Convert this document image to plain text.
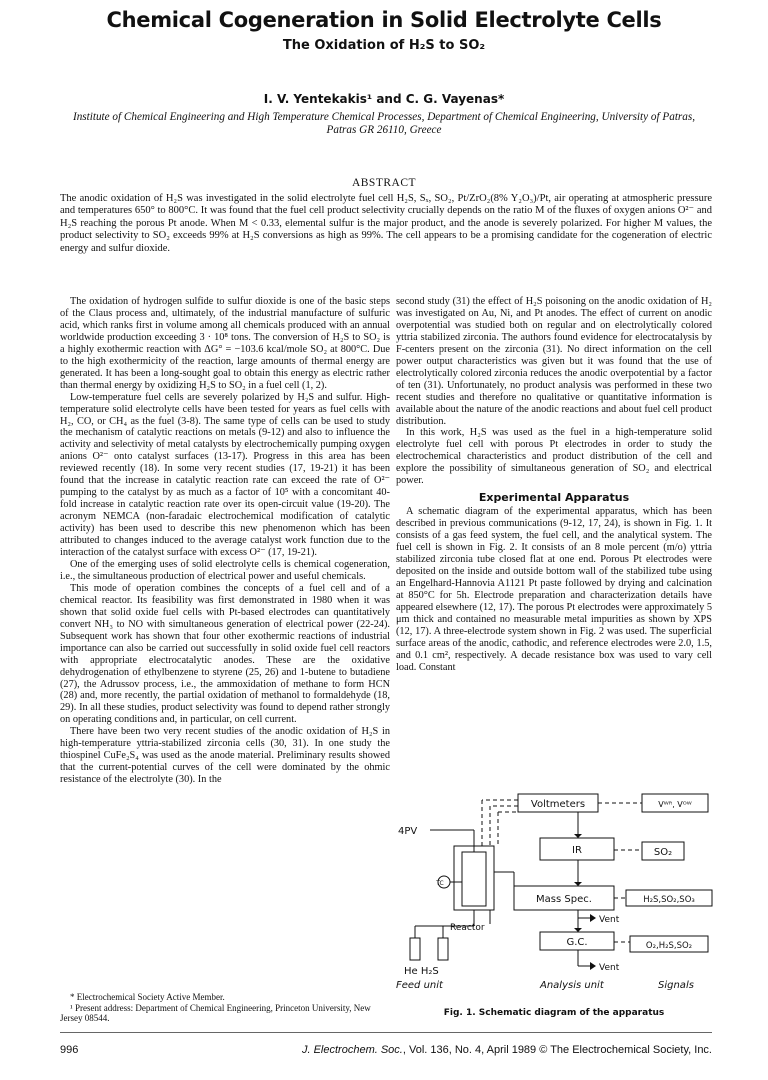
Chemical Cogeneration in Solid Electrolyte Cells
The Oxidation of H₂S to SO₂
I. V. Yentekakis¹ and C. G. Vayenas*
Institute of Chemical Engineering and High Temperature Chemical Processes, Department of Chemical Engineering, University of Patras, Patras GR 26110, Greece
ABSTRACT
The anodic oxidation of H₂S was investigated in the solid electrolyte fuel cell H₂S, Sₓ, SO₂, Pt/ZrO₂(8% Y₂O₃)/Pt, air operating at atmospheric pressure and temperatures 650° to 800°C. It was found that the fuel cell product selectivity crucially depends on the ratio M of the fluxes of oxygen anions O²⁻ and H₂S reaching the porous Pt anode. When M < 0.33, elemental sulfur is the major product, and the anode is severely polarized. For higher M values, the product selectivity to SO₂ exceeds 99% at H₂S conversions as high as 99%. The cell appears to be a promising candidate for the cogeneration of electric energy and sulfur dioxide.

The oxidation of hydrogen sulfide to sulfur dioxide is one of the basic steps of the Claus process and, ultimately, of the industrial manufacture of sulfuric acid, which ranks first in volume among all chemicals produced with an annual worldwide production exceeding 3 · 10⁸ tons. The conversion of H₂S to SO₂ is a highly exothermic reaction with ΔG° = −103.6 kcal/mole SO₂ at 800°C. Due to the high exothermicity of the reaction, large amounts of thermal energy are generated. It has been a long-sought goal to obtain this energy as electric rather than thermal energy by oxidizing H₂S to SO₂ in a fuel cell (1, 2).

Low-temperature fuel cells are severely polarized by H₂S and sulfur. High-temperature solid electrolyte cells have been tested for years as fuel cells with H₂, CO, or CH₄ as the fuel (3-8). The same type of cells can be used to study the mechanism of catalytic reactions on metals (9-12) and also to influence the activity and selectivity of metal catalysts by electrochemically pumping oxygen anions O²⁻ onto catalyst surfaces (13-17). Progress in this area has been reviewed recently (18). In some very recent studies (17, 19-21) it has been found that the increase in catalytic reaction rate can exceed the rate of O²⁻ pumping to the catalyst by as much as a factor of 10⁵ with a concomitant 40-fold increase in catalytic reaction rate over its open-circuit value (19-20). The acronym NEMCA (non-faradaic electrochemical modification of catalytic activity) has been used to describe this new phenomenon which has been attributed to changes induced to the average catalyst work function due to the interaction of the catalyst surface with excess O²⁻ (17, 19-21).

One of the emerging uses of solid electrolyte cells is chemical cogeneration, i.e., the simultaneous production of electrical power and useful chemicals.

This mode of operation combines the concepts of a fuel cell and of a chemical reactor. Its feasibility was first demonstrated in 1980 when it was shown that solid oxide fuel cells with Pt-based electrodes can quantitatively convert NH₃ to NO with simultaneous generation of electrical power (22-24). Subsequent work has shown that four other exothermic reactions of industrial importance can also be carried out successfully in solid oxide fuel cell reactors with appropriate electrocatalytic anodes. These are the oxidative dehydrogenation of ethylbenzene to styrene (25, 26) and 1-butene to butadiene (27), the Adrussov process, i.e., the ammoxidation of methane to form HCN (28) and, more recently, the partial oxidation of methanol to formaldehyde (18, 29). In all these studies, product selectivity was found to depend rather strongly on operating conditions and, in particular, on cell current.

There have been two very recent studies of the anodic oxidation of H₂S in high-temperature yttria-stabilized zirconia cells (30, 31). In one study the thiospinel CuFe₂S₄ was used as the anode material. Preliminary results showed that the current-potential curves of the cell were dominated by the ohmic resistance of the electrolyte (30). In the

* Electrochemical Society Active Member.
¹ Present address: Department of Chemical Engineering, Princeton University, New Jersey 08544.

second study (31) the effect of H₂S poisoning on the anodic oxidation of H₂ was investigated on Au, Ni, and Pt anodes. The effect of current on anodic overpotential was studied both on regular and on electrolytically colored yttria stabilized zirconia. The authors found evidence for electrocatalysis by F-centers present on the zirconia (31). No direct information on the cell power output characteristics was given but it was found that the use of electrolytically colored zirconia reduces the anodic overpotential by a factor of ten (31). Unfortunately, no product analysis was performed in these two recent studies and therefore no qualitative or quantitative information is available about the nature of the anodic reactions and about fuel cell product distribution.

In this work, H₂S was used as the fuel in a high-temperature solid electrolyte fuel cell with porous Pt electrodes in order to study the electrochemical characteristics and product distribution of the cell and explore the possibility of simultaneous generation of SO₂ and electrical power.

Experimental Apparatus

A schematic diagram of the experimental apparatus, which has been described in previous communications (9-12, 17, 24), is shown in Fig. 1. It consists of a gas feed system, the fuel cell, and the analytical system. The fuel cell is shown in Fig. 2. It consists of an 8 mole percent (m/o) yttria stabilized zirconia tube closed flat at one end. Porous Pt electrodes were deposited on the inside and outside bottom wall of the stabilized tube using an Engelhard-Hannovia A1121 Pt paste followed by drying and calcination at 850°C for 5h. Electrode preparation and characterization details have appeared elsewhere (12, 17). The porous Pt electrodes were approximately 5 μm thick and contained no measurable metal impurities as shown by XPS (12, 17). A three-electrode system shown in Fig. 2 was used. The superficial surface areas of the anodic, cathodic, and reference electrodes were 2.0, 1.5, and 0.1 cm², respectively. A decade resistance box was used to vary cell load. Constant

Voltmeters	Vᵂᴿ, Vᴼᵂ
IR	SO₂
Mass Spec.	H₂S,SO₂,SO₃
G.C.	O₂,H₂S,SO₂
4PV
Reactor
Vent
Vent
TC
He H₂S
Feed unit	Analysis unit	Signals
Fig. 1. Schematic diagram of the apparatus
996	J. Electrochem. Soc., Vol. 136, No. 4, April 1989 © The Electrochemical Society, Inc.
